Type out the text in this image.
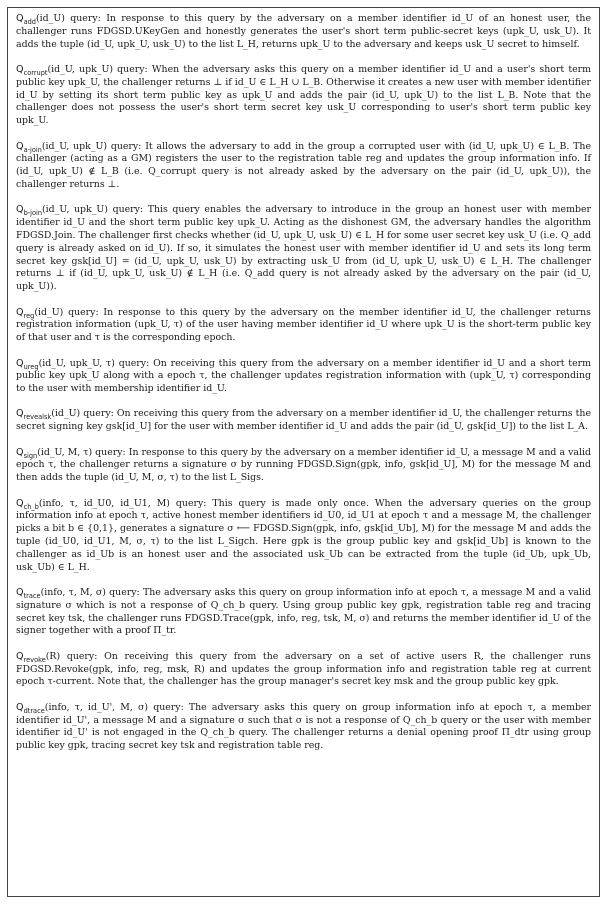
$Q_{add}(id\_U)$ query: In response to this query by the adversary on a member identifier id_U of an honest user, the challenger runs FDGSD.UKeyGen and honestly generates the user's short term public-secret keys (upk_U, usk_U). It adds the tuple (id_U, upk_U, usk_U) to the list L_H, returns upk_U to the adversary and keeps usk_U secret to himself.

$Q_{corrupt}(id\_U$, upk_U) query: When the adversary asks this query on a member identifier id_U and a user's short term public key upk_U, the challenger returns ⊥ if id_U ∈ L_H ∪ L_B. Otherwise it creates a new user with member identifier id_U by setting its short term public key as upk_U and adds the pair (id_U, upk_U) to the list L_B. Note that the challenger does not possess the user's short term secret key usk_U corresponding to user's short term public key upk_U.

$Q_{a-join}(id\_U$, upk_U) query: It allows the adversary to add in the group a corrupted user with (id_U, upk_U) ∈ L_B. The challenger (acting as a GM) registers the user to the registration table reg and updates the group information info. If (id_U, upk_U) ∉ L_B (i.e. Q_corrupt query is not already asked by the adversary on the pair (id_U, upk_U)), the challenger returns ⊥.

$Q_{b-join}(id\_U$, upk_U) query: This query enables the adversary to introduce in the group an honest user with member identifier id_U and the short term public key upk_U. Acting as the dishonest GM, the adversary handles the algorithm FDGSD.Join. The challenger first checks whether (id_U, upk_U, usk_U) ∈ L_H for some user secret key usk_U (i.e. Q_add query is already asked on id_U). If so, it simulates the honest user with member identifier id_U and sets its long term secret key gsk[id_U] = (id_U, upk_U, usk_U) by extracting usk_U from (id_U, upk_U, usk_U) ∈ L_H. The challenger returns ⊥ if (id_U, upk_U, usk_U) ∉ L_H (i.e. Q_add query is not already asked by the adversary on the pair (id_U, upk_U)).

$Q_{reg}(id\_U)$ query: In response to this query by the adversary on the member identifier id_U, the challenger returns registration information (upk_U, τ) of the user having member identifier id_U where upk_U is the short-term public key of that user and τ is the corresponding epoch.

$Q_{ureg}(id\_U$, upk_U, τ) query: On receiving this query from the adversary on a member identifier id_U and a short term public key upk_U along with a epoch τ, the challenger updates registration information with (upk_U, τ) corresponding to the user with membership identifier id_U.

$Q_{revealsk}(id\_U)$ query: On receiving this query from the adversary on a member identifier id_U, the challenger returns the secret signing key gsk[id_U] for the user with member identifier id_U and adds the pair (id_U, gsk[id_U]) to the list L_A.

$Q_{sign}(id\_U$, M, τ) query: In response to this query by the adversary on a member identifier id_U, a message M and a valid epoch τ, the challenger returns a signature σ by running FDGSD.Sign(gpk, info, gsk[id_U], M) for the message M and then adds the tuple (id_U, M, σ, τ) to the list L_Sigs.

$Q_{ch\_b}(info$, τ, id_U0, id_U1, M) query: This query is made only once. When the adversary queries on the group information info at epoch τ, active honest member identifiers id_U0, id_U1 at epoch τ and a message M, the challenger picks a bit b ∈ {0,1}, generates a signature σ ⟵ FDGSD.Sign(gpk, info, gsk[id_Ub], M) for the message M and adds the tuple (id_U0, id_U1, M, σ, τ) to the list L_Sigch. Here gpk is the group public key and gsk[id_Ub] is known to the challenger as id_Ub is an honest user and the associated usk_Ub can be extracted from the tuple (id_Ub, upk_Ub, usk_Ub) ∈ L_H.

$Q_{trace}(info$, τ, M, σ) query: The adversary asks this query on group information info at epoch τ, a message M and a valid signature σ which is not a response of Q_ch_b query. Using group public key gpk, registration table reg and tracing secret key tsk, the challenger runs FDGSD.Trace(gpk, info, reg, tsk, M, σ) and returns the member identifier id_U of the signer together with a proof Π_tr.

$Q_{revoke}(R)$ query: On receiving this query from the adversary on a set of active users R, the challenger runs FDGSD.Revoke(gpk, info, reg, msk, R) and updates the group information info and registration table reg at current epoch τ-current. Note that, the challenger has the group manager's secret key msk and the group public key gpk.

$Q_{dtrace}(info$, τ, id_U', M, σ) query: The adversary asks this query on group information info at epoch τ, a member identifier id_U', a message M and a signature σ such that σ is not a response of Q_ch_b query or the user with member identifier id_U' is not engaged in the Q_ch_b query. The challenger returns a denial opening proof Π_dtr using group public key gpk, tracing secret key tsk and registration table reg.
